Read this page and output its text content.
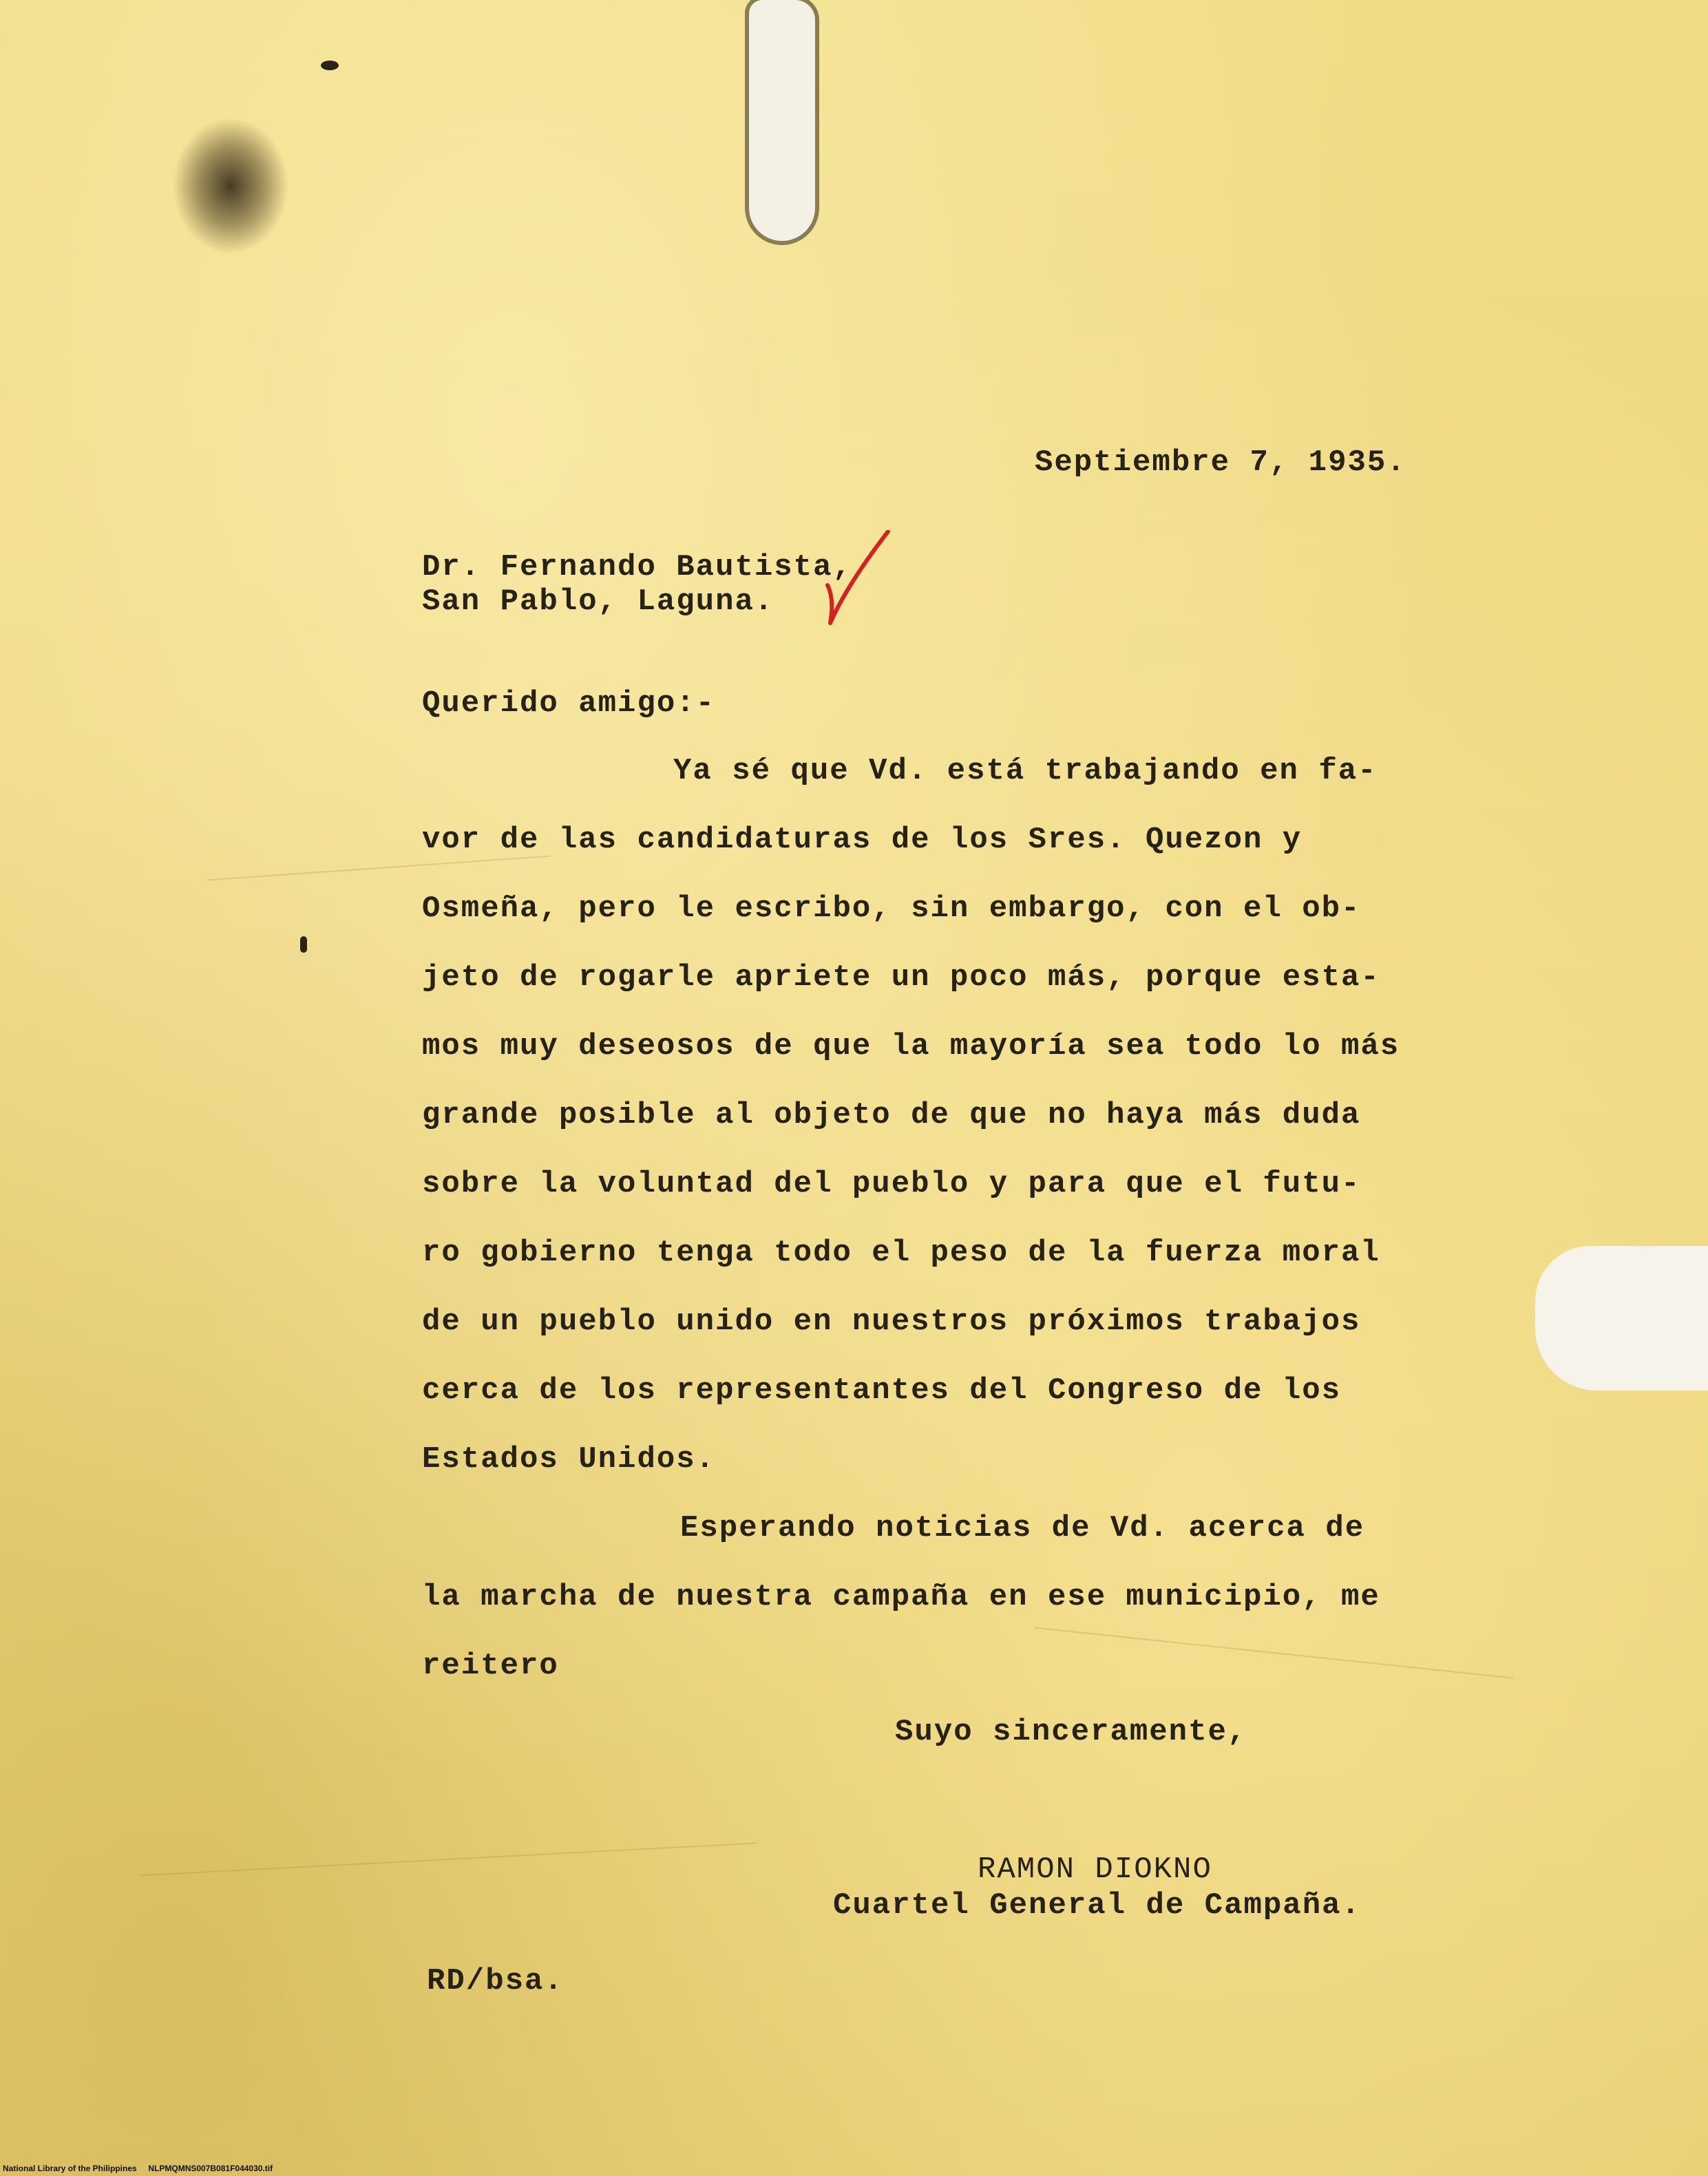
Septiembre 7, 1935.
Dr. Fernando Bautista,
San Pablo, Laguna.
Querido amigo:-
Ya sé que Vd. está trabajando en fa-
vor de las candidaturas de los Sres. Quezon y
Osmeña, pero le escribo, sin embargo, con el ob-
jeto de rogarle apriete un poco más, porque esta-
mos muy deseosos de que la mayoría sea todo lo más
grande posible al objeto de que no haya más duda
sobre la voluntad del pueblo y para que el futu-
ro gobierno tenga todo el peso de la fuerza moral
de un pueblo unido en nuestros próximos trabajos
cerca de los representantes del Congreso de los
Estados Unidos.
Esperando noticias de Vd. acerca de
la marcha de nuestra campaña en ese municipio, me
reitero
Suyo sinceramente,
RAMON DIOKNO
Cuartel General de Campaña.
RD/bsa.
National Library of the Philippines NLPMQMNS007B081F044030.tif
